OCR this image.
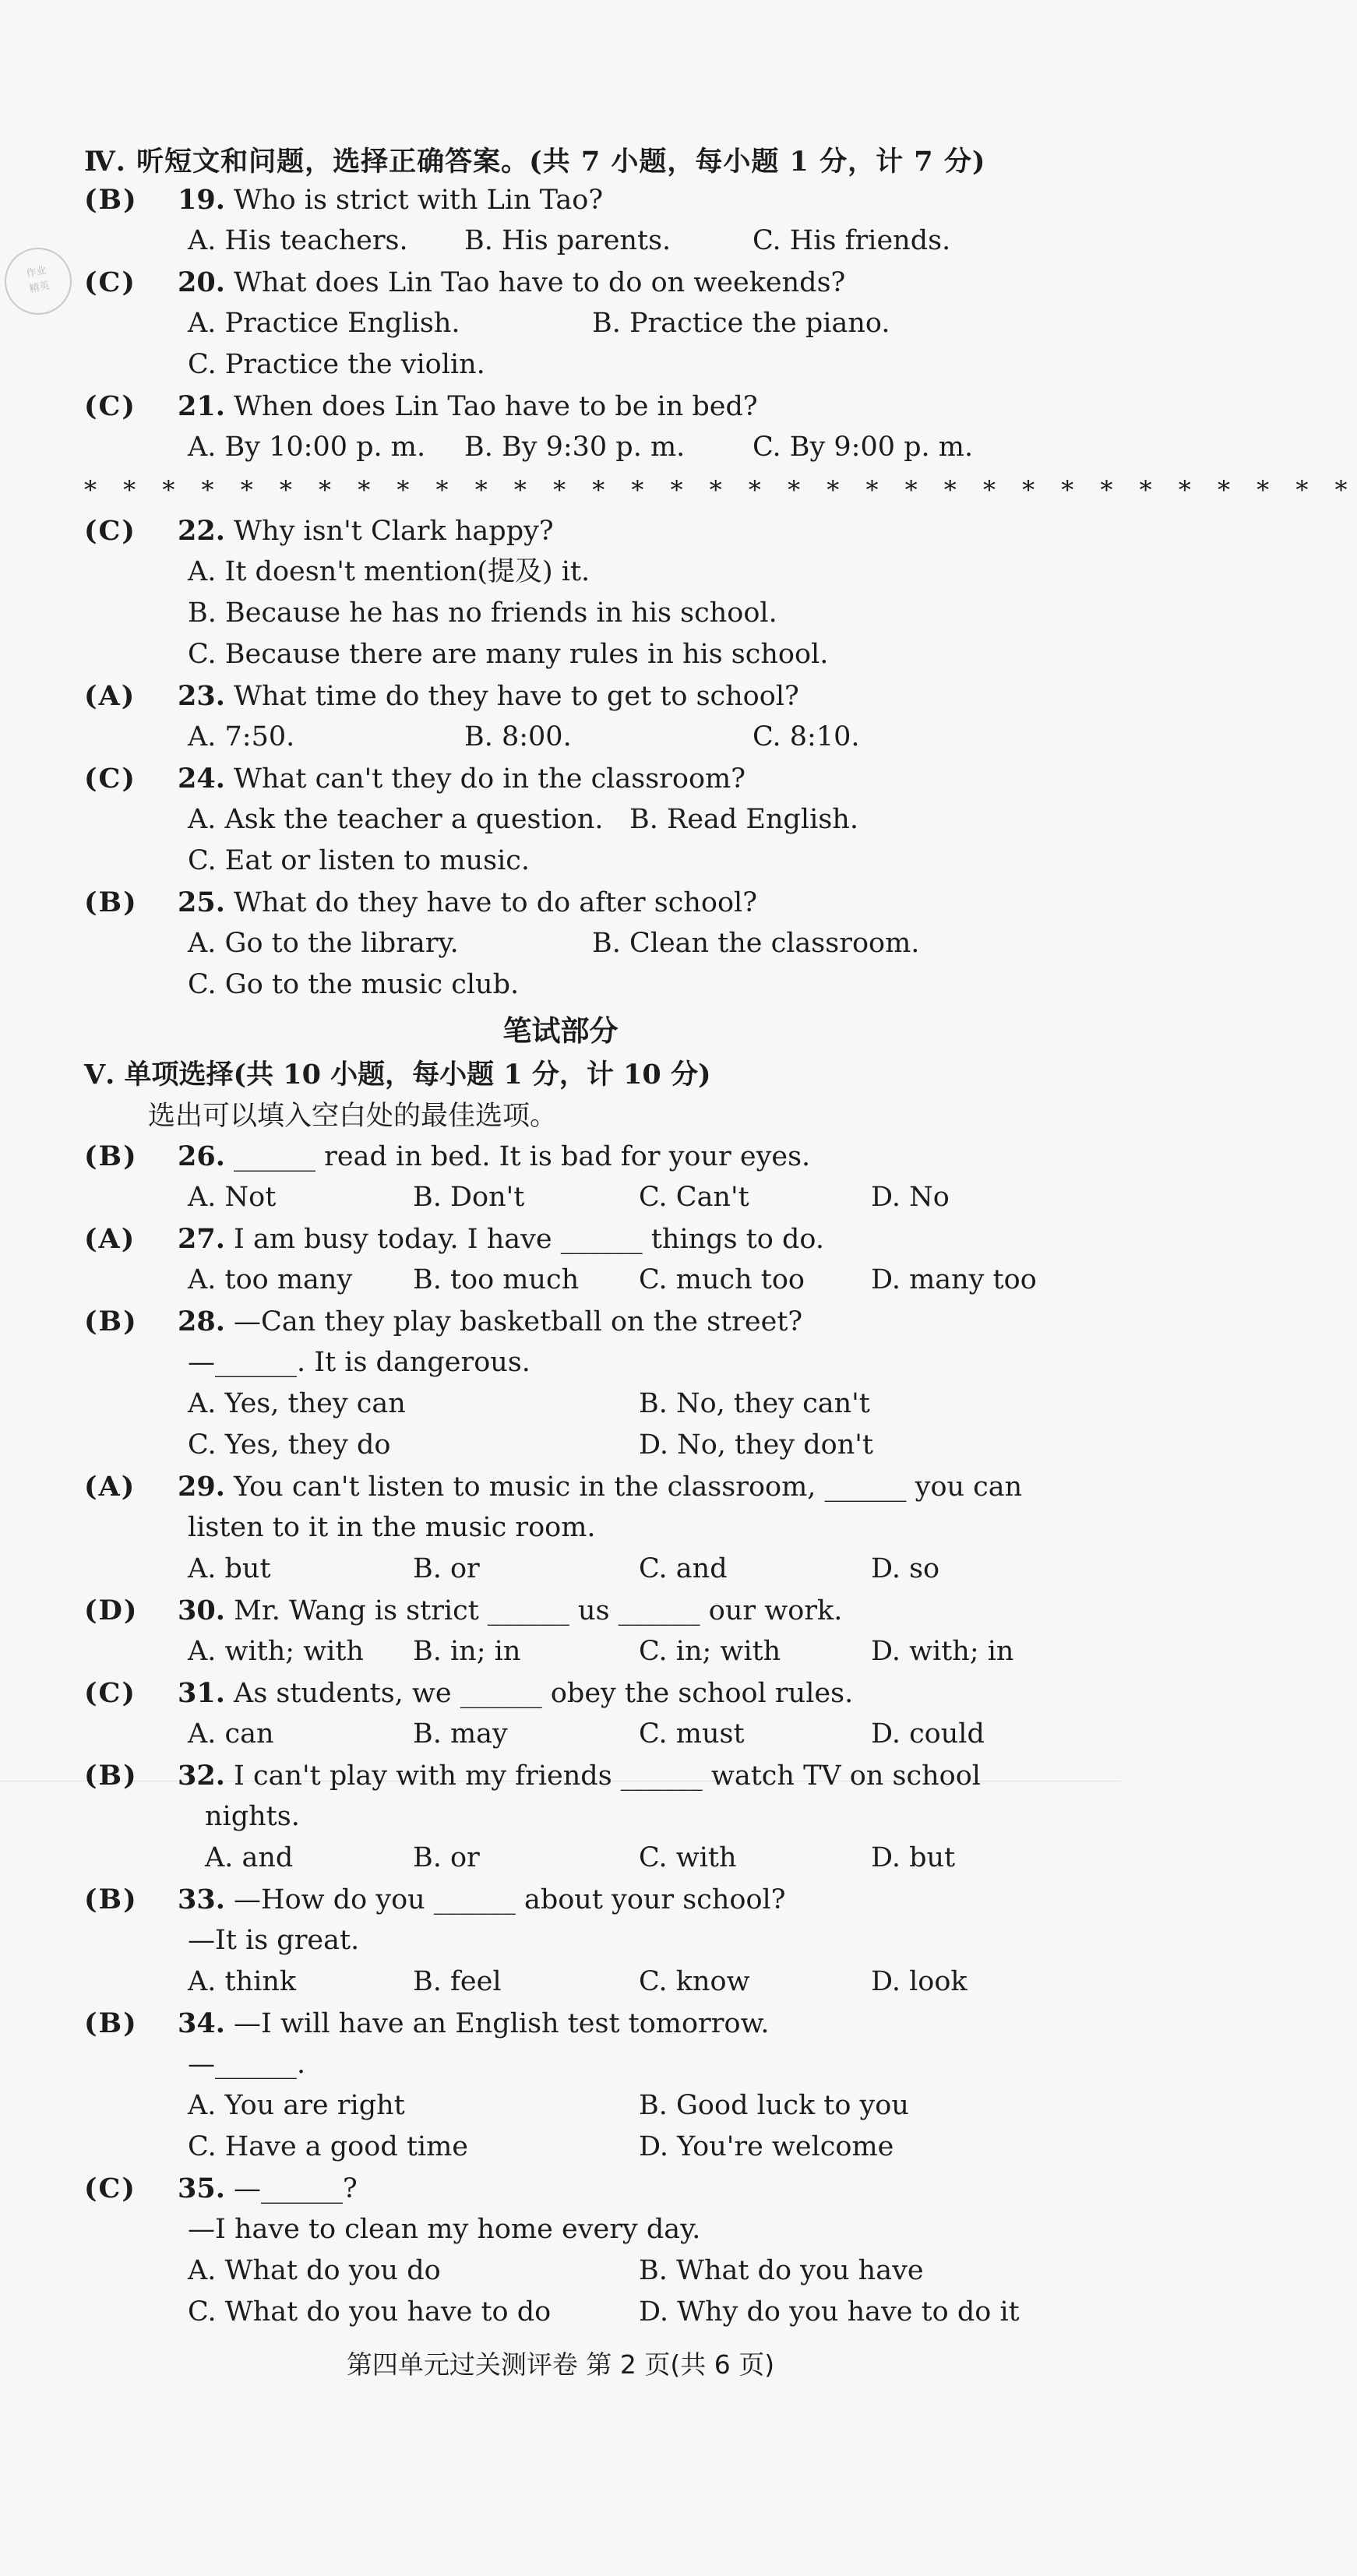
作业
精英
Ⅳ. 听短文和问题，选择正确答案。(共 7 小题，每小题 1 分，计 7 分)
(B) 19. Who is strict with Lin Tao?
A. His teachers. B. His parents.	C. His friends.
(C) 20. What does Lin Tao have to do on weekends?
A. Practice English.	B. Practice the piano.
C. Practice the violin.
(C) 21. When does Lin Tao have to be in bed?
A. By 10:00 p. m. B. By 9:30 p. m. C. By 9:00 p. m.
* * * * * * * * * * * * * * * * * * * * * * * * * * * * * * * * *
(C) 22. Why isn't Clark happy?
A. It doesn't mention(提及) it.
B. Because he has no friends in his school.
C. Because there are many rules in his school.
(A) 23. What time do they have to get to school?
A. 7:50.	B. 8:00.	C. 8:10.
(C) 24. What can't they do in the classroom?
A. Ask the teacher a question. B. Read English.
C. Eat or listen to music.
(B) 25. What do they have to do after school?
A. Go to the library.	B. Clean the classroom.
C. Go to the music club.
笔试部分
Ⅴ. 单项选择(共 10 小题，每小题 1 分，计 10 分)
选出可以填入空白处的最佳选项。
(B) 26. ______ read in bed. It is bad for your eyes.
A. Not	B. Don't	C. Can't	D. No
(A) 27. I am busy today. I have ______ things to do.
A. too many B. too much C. much too D. many too
(B) 28. —Can they play basketball on the street?
—______. It is dangerous.
A. Yes, they can	B. No, they can't
C. Yes, they do	D. No, they don't
(A) 29. You can't listen to music in the classroom, ______ you can
listen to it in the music room.
A. but	B. or	C. and	D. so
(D) 30. Mr. Wang is strict ______ us ______ our work.
A. with; with B. in; in	C. in; with	D. with; in
(C) 31. As students, we ______ obey the school rules.
A. can	B. may	C. must	D. could
(B) 32. I can't play with my friends ______ watch TV on school
nights.
A. and	B. or	C. with	D. but
(B) 33. —How do you ______ about your school?
—It is great.
A. think	B. feel	C. know	D. look
(B) 34. —I will have an English test tomorrow.
—______.
A. You are right	B. Good luck to you
C. Have a good time	D. You're welcome
(C) 35. —______?
—I have to clean my home every day.
A. What do you do	B. What do you have
C. What do you have to do	D. Why do you have to do it
第四单元过关测评卷 第 2 页(共 6 页)
